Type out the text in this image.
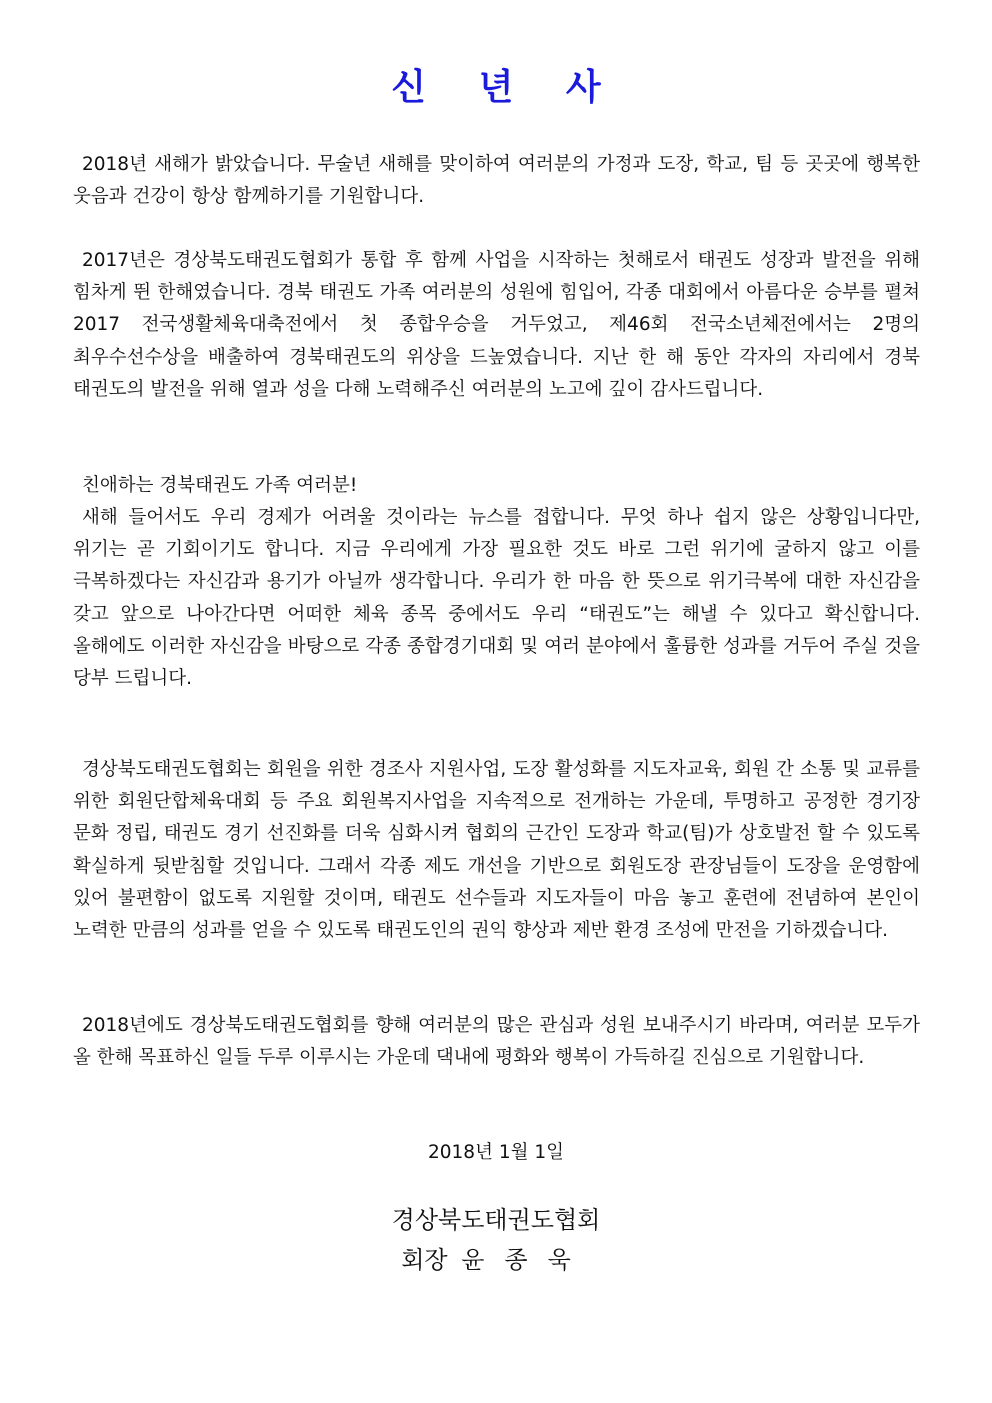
신 년 사

2018년 새해가 밝았습니다. 무술년 새해를 맞이하여 여러분의 가정과 도장, 학교, 팀 등 곳곳에 행복한 웃음과 건강이 항상 함께하기를 기원합니다.

2017년은 경상북도태권도협회가 통합 후 함께 사업을 시작하는 첫해로서 태권도 성장과 발전을 위해 힘차게 뛴 한해였습니다. 경북 태권도 가족 여러분의 성원에 힘입어, 각종 대회에서 아름다운 승부를 펼쳐 2017 전국생활체육대축전에서 첫 종합우승을 거두었고, 제46회 전국소년체전에서는 2명의 최우수선수상을 배출하여 경북태권도의 위상을 드높였습니다. 지난 한 해 동안 각자의 자리에서 경북 태권도의 발전을 위해 열과 성을 다해 노력해주신 여러분의 노고에 깊이 감사드립니다.

친애하는 경북태권도 가족 여러분!

새해 들어서도 우리 경제가 어려울 것이라는 뉴스를 접합니다. 무엇 하나 쉽지 않은 상황입니다만, 위기는 곧 기회이기도 합니다. 지금 우리에게 가장 필요한 것도 바로 그런 위기에 굴하지 않고 이를 극복하겠다는 자신감과 용기가 아닐까 생각합니다. 우리가 한 마음 한 뜻으로 위기극복에 대한 자신감을 갖고 앞으로 나아간다면 어떠한 체육 종목 중에서도 우리 “태권도”는 해낼 수 있다고 확신합니다. 올해에도 이러한 자신감을 바탕으로 각종 종합경기대회 및 여러 분야에서 훌륭한 성과를 거두어 주실 것을 당부 드립니다.

경상북도태권도협회는 회원을 위한 경조사 지원사업, 도장 활성화를 지도자교육, 회원 간 소통 및 교류를 위한 회원단합체육대회 등 주요 회원복지사업을 지속적으로 전개하는 가운데, 투명하고 공정한 경기장 문화 정립, 태권도 경기 선진화를 더욱 심화시켜 협회의 근간인 도장과 학교(팀)가 상호발전 할 수 있도록 확실하게 뒷받침할 것입니다. 그래서 각종 제도 개선을 기반으로 회원도장 관장님들이 도장을 운영함에 있어 불편함이 없도록 지원할 것이며, 태권도 선수들과 지도자들이 마음 놓고 훈련에 전념하여 본인이 노력한 만큼의 성과를 얻을 수 있도록 태권도인의 권익 향상과 제반 환경 조성에 만전을 기하겠습니다.

2018년에도 경상북도태권도협회를 향해 여러분의 많은 관심과 성원 보내주시기 바라며, 여러분 모두가 올 한해 목표하신 일들 두루 이루시는 가운데 댁내에 평화와 행복이 가득하길 진심으로 기원합니다.

2018년 1월 1일
경상북도태권도협회
회장 윤종욱
